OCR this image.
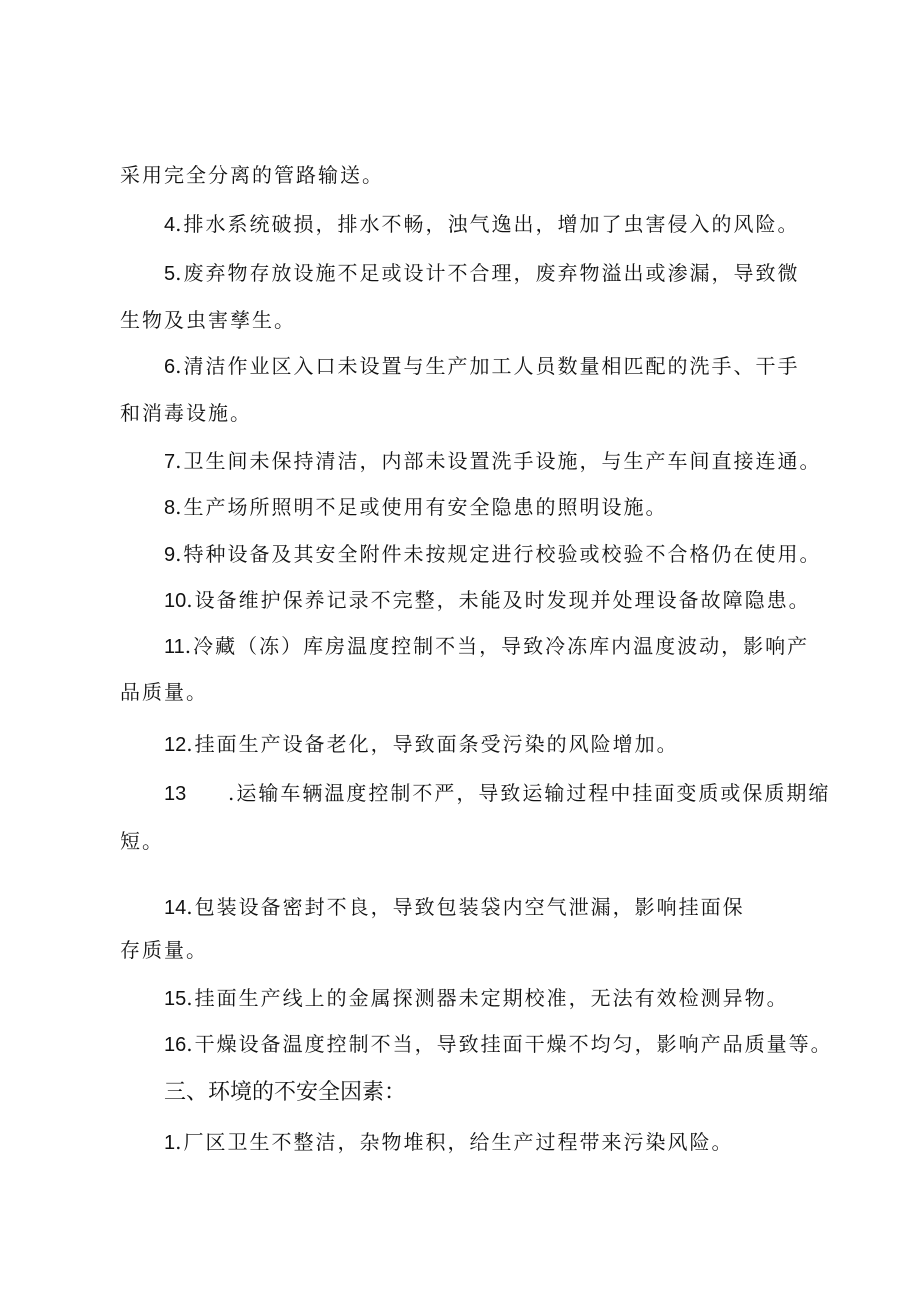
采用完全分离的管路输送。
4.排水系统破损，排水不畅，浊气逸出，增加了虫害侵入的风险。
5.废弃物存放设施不足或设计不合理，废弃物溢出或渗漏，导致微
生物及虫害孳生。
6.清洁作业区入口未设置与生产加工人员数量相匹配的洗手、干手
和消毒设施。
7.卫生间未保持清洁，内部未设置洗手设施，与生产车间直接连通。
8.生产场所照明不足或使用有安全隐患的照明设施。
9.特种设备及其安全附件未按规定进行校验或校验不合格仍在使用。
10.设备维护保养记录不完整，未能及时发现并处理设备故障隐患。
11.冷藏（冻）库房温度控制不当，导致冷冻库内温度波动，影响产
品质量。
12.挂面生产设备老化，导致面条受污染的风险增加。
13 .运输车辆温度控制不严，导致运输过程中挂面变质或保质期缩
短。
14.包装设备密封不良，导致包装袋内空气泄漏，影响挂面保
存质量。
15.挂面生产线上的金属探测器未定期校准，无法有效检测异物。
16.干燥设备温度控制不当，导致挂面干燥不均匀，影响产品质量等。
三、环境的不安全因素：
1.厂区卫生不整洁，杂物堆积，给生产过程带来污染风险。
